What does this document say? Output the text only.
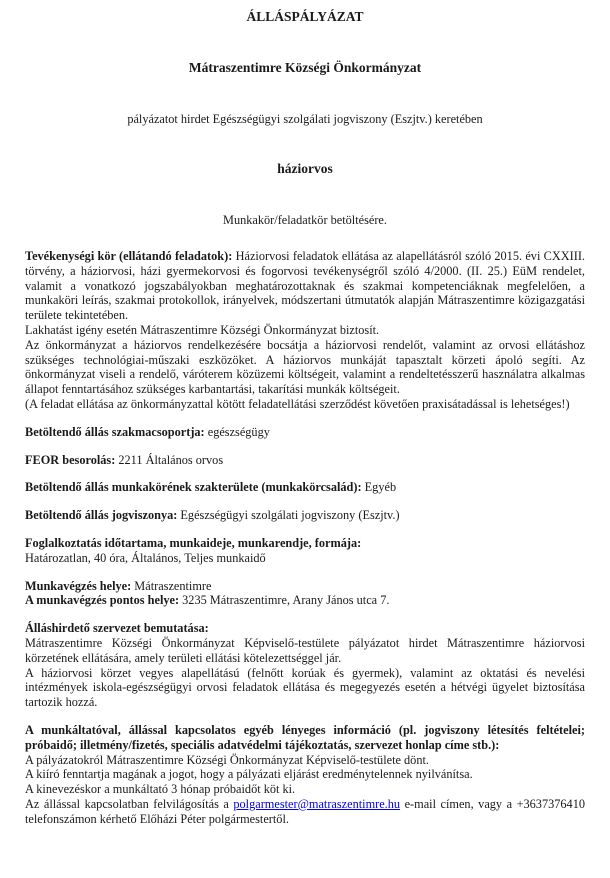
ÁLLÁSPÁLYÁZAT
Mátraszentimre Községi Önkormányzat
pályázatot hirdet Egészségügyi szolgálati jogviszony (Eszjtv.) keretében
háziorvos
Munkakör/feladatkör betöltésére.
Tevékenységi kör (ellátandó feladatok): Háziorvosi feladatok ellátása az alapellátásról szóló 2015. évi CXXIII. törvény, a háziorvosi, házi gyermekorvosi és fogorvosi tevékenységről szóló 4/2000. (II. 25.) EüM rendelet, valamit a vonatkozó jogszabályokban meghatározottaknak és szakmai kompetenciáknak megfelelően, a munkaköri leírás, szakmai protokollok, irányelvek, módszertani útmutatók alapján Mátraszentimre közigazgatási területe tekintetében.
Lakhatást igény esetén Mátraszentimre Községi Önkormányzat biztosít.
Az önkormányzat a háziorvos rendelkezésére bocsátja a háziorvosi rendelőt, valamint az orvosi ellátáshoz szükséges technológiai-műszaki eszközöket. A háziorvos munkáját tapasztalt körzeti ápoló segíti. Az önkormányzat viseli a rendelő, váróterem közüzemi költségeit, valamint a rendeltetésszerű használatra alkalmas állapot fenntartásához szükséges karbantartási, takarítási munkák költségeit.
(A feladat ellátása az önkormányzattal kötött feladatellátási szerződést követően praxisátadással is lehetséges!)
Betöltendő állás szakmacsoportja: egészségügy
FEOR besorolás: 2211 Általános orvos
Betöltendő állás munkakörének szakterülete (munkakörcsalád): Egyéb
Betöltendő állás jogviszonya: Egészségügyi szolgálati jogviszony (Eszjtv.)
Foglalkoztatás időtartama, munkaideje, munkarendje, formája:
Határozatlan, 40 óra, Általános, Teljes munkaidő
Munkavégzés helye: Mátraszentimre
A munkavégzés pontos helye: 3235 Mátraszentimre, Arany János utca 7.
Álláshirdető szervezet bemutatása:
Mátraszentimre Községi Önkormányzat Képviselő-testülete pályázatot hirdet Mátraszentimre háziorvosi körzetének ellátására, amely területi ellátási kötelezettséggel jár.
A háziorvosi körzet vegyes alapellátású (felnőtt korúak és gyermek), valamint az oktatási és nevelési intézmények iskola-egészségügyi orvosi feladatok ellátása és megegyezés esetén a hétvégi ügyelet biztosítása tartozik hozzá.
A munkáltatóval, állással kapcsolatos egyéb lényeges információ (pl. jogviszony létesítés feltételei; próbaidő; illetmény/fizetés, speciális adatvédelmi tájékoztatás, szervezet honlap címe stb.):
A pályázatokról Mátraszentimre Községi Önkormányzat Képviselő-testülete dönt.
A kiíró fenntartja magának a jogot, hogy a pályázati eljárást eredménytelennek nyilvánítsa.
A kinevezéskor a munkáltató 3 hónap próbaidőt köt ki.
Az állással kapcsolatban felvilágosítás a polgarmester@matraszentimre.hu e-mail címen, vagy a +3637376410 telefonszámon kérhető Előházi Péter polgármestertől.
